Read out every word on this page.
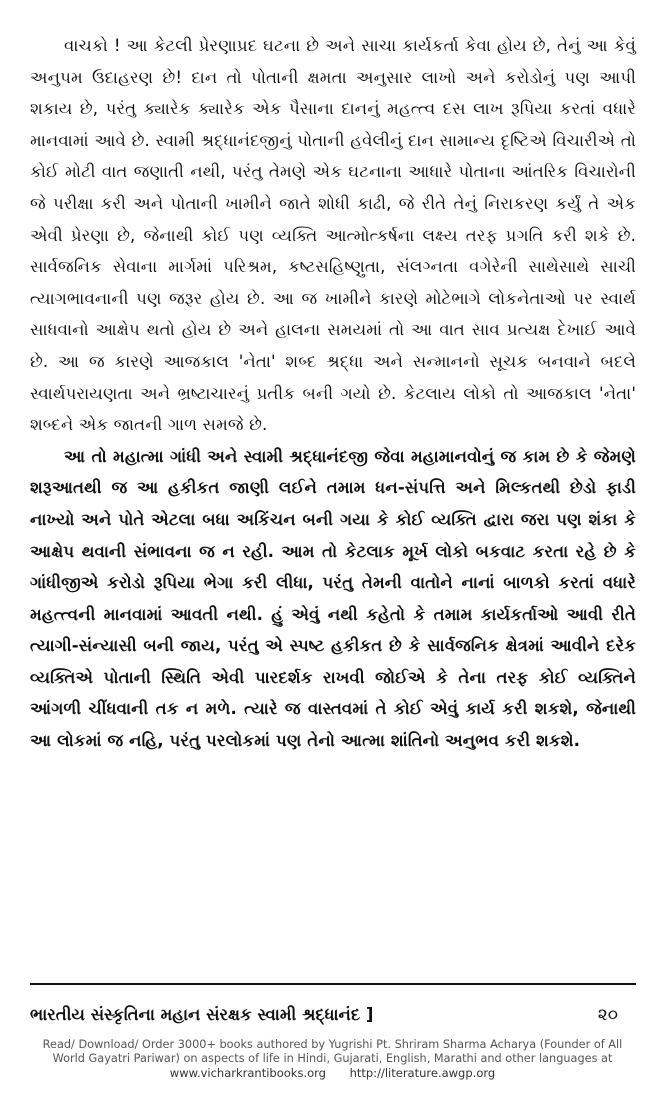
વાચકો ! આ કેટલી પ્રેરણાપ્રદ ઘટના છે અને સાચા કાર્યકર્તા કેવા હોય છે, તેનું આ કેવું અનુપમ ઉદાહરણ છે! દાન તો પોતાની ક્ષમતા અનુસાર લાખો અને કરોડોનું પણ આપી શકાય છે, પરંતુ ક્યારેક ક્યારેક એક પૈસાના દાનનું મહત્ત્વ દસ લાખ રૂપિયા કરતાં વધારે માનવામાં આવે છે. સ્વામી શ્રદ્ધાનંદજીનું પોતાની હવેલીનું દાન સામાન્ય દૃષ્ટિએ વિચારીએ તો કોઈ મોટી વાત જણાતી નથી, પરંતુ તેમણે એક ઘટનાના આધારે પોતાના આંતરિક વિચારોની જે પરીક્ષા કરી અને પોતાની ખામીને જાતે શોધી કાઢી, જે રીતે તેનું નિરાકરણ કર્યું તે એક એવી પ્રેરણા છે, જેનાથી કોઈ પણ વ્યક્તિ આત્મોત્કર્ષના લક્ષ્ય તરફ પ્રગતિ કરી શકે છે. સાર્વજનિક સેવાના માર્ગમાં પરિશ્રમ, કષ્ટસહિષ્ણુતા, સંલગ્નતા વગેરેની સાથેસાથે સાચી ત્યાગભાવનાની પણ જરૂર હોય છે. આ જ ખામીને કારણે મોટેભાગે લોકનેતાઓ પર સ્વાર્થ સાધવાનો આક્ષેપ થતો હોય છે અને હાલના સમયમાં તો આ વાત સાવ પ્રત્યક્ષ દેખાઈ આવે છે. આ જ કારણે આજકાલ 'નેતા' શબ્દ શ્રદ્ધા અને સન્માનનો સૂચક બનવાને બદલે સ્વાર્થપરાયણતા અને ભ્રષ્ટાચારનું પ્રતીક બની ગયો છે. કેટલાય લોકો તો આજકાલ 'નેતા' શબ્દને એક જાતની ગાળ સમજે છે.

આ તો મહાત્મા ગાંધી અને સ્વામી શ્રદ્ધાનંદજી જેવા મહામાનવોનું જ કામ છે કે જેમણે શરૂઆતથી જ આ હકીકત જાણી લઈને તમામ ધન-સંપત્તિ અને મિલ્કતથી છેડો ફાડી નાખ્યો અને પોતે એટલા બધા અકિંચન બની ગયા કે કોઈ વ્યક્તિ દ્વારા જરા પણ શંકા કે આક્ષેપ થવાની સંભાવના જ ન રહી. આમ તો કેટલાક મૂર્ખ લોકો બકવાટ કરતા રહે છે કે ગાંધીજીએ કરોડો રૂપિયા ભેગા કરી લીધા, પરંતુ તેમની વાતોને નાનાં બાળકો કરતાં વધારે મહત્ત્વની માનવામાં આવતી નથી. હું એવું નથી કહેતો કે તમામ કાર્યકર્તાઓ આવી રીતે ત્યાગી-સંન્યાસી બની જાય, પરંતુ એ સ્પષ્ટ હકીકત છે કે સાર્વજનિક ક્ષેત્રમાં આવીને દરેક વ્યક્તિએ પોતાની સ્થિતિ એવી પારદર્શક રાખવી જોઈએ કે તેના તરફ કોઈ વ્યક્તિને આંગળી ચીંધવાની તક ન મળે. ત્યારે જ વાસ્તવમાં તે કોઈ એવું કાર્ય કરી શકશે, જેનાથી આ લોકમાં જ નહિ, પરંતુ પરલોકમાં પણ તેનો આત્મા શાંતિનો અનુભવ કરી શકશે.

ભારતીય સંસ્કૃતિના મહાન સંરક્ષક સ્વામી શ્રદ્ધાનંદ ]	૨૦
Read/ Download/ Order 3000+ books authored by Yugrishi Pt. Shriram Sharma Acharya (Founder of All
World Gayatri Pariwar) on aspects of life in Hindi, Gujarati, English, Marathi and other languages at
www.vicharkrantibooks.org http://literature.awgp.org
